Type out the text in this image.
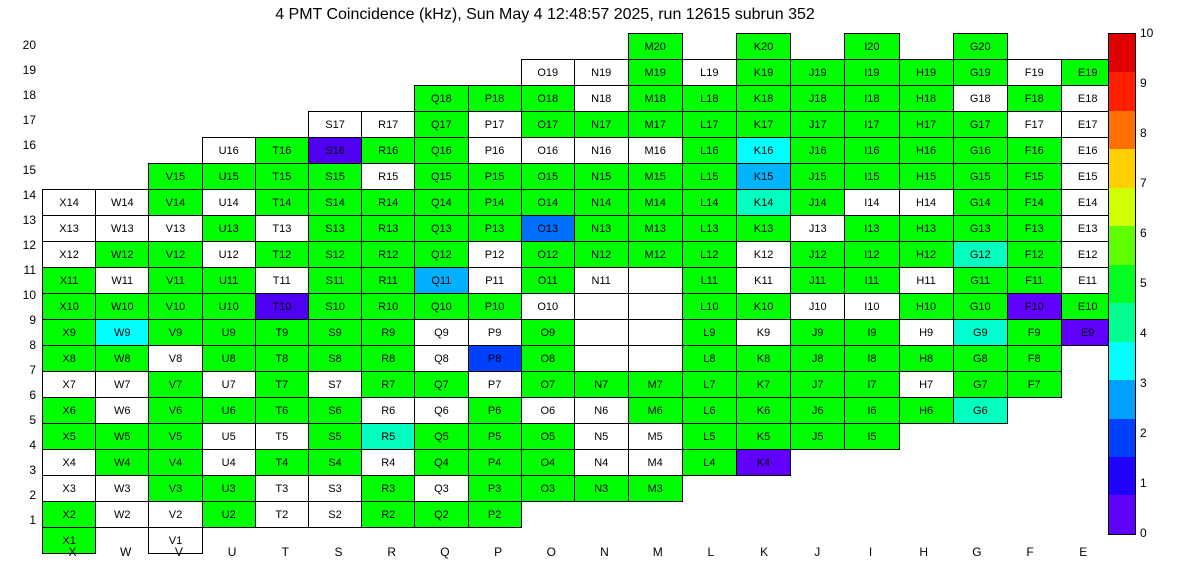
4 PMT Coincidence (kHz), Sun May 4 12:48:57 2025, run 12615 subrun 352
20
19
18
17
16
15
14
13
12
11
10
9
8
7
6
5
4
3
2
1
											M20		K20		I20		G20		
									O19	N19	M19	L19	K19	J19	I19	H19	G19	F19	E19
							Q18	P18	O18	N18	M18	L18	K18	J18	I18	H18	G18	F18	E18
					S17	R17	Q17	P17	O17	N17	M17	L17	K17	J17	I17	H17	G17	F17	E17
			U16	T16	S16	R16	Q16	P16	O16	N16	M16	L16	K16	J16	I16	H16	G16	F16	E16
		V15	U15	T15	S15	R15	Q15	P15	O15	N15	M15	L15	K15	J15	I15	H15	G15	F15	E15
X14	W14	V14	U14	T14	S14	R14	Q14	P14	O14	N14	M14	L14	K14	J14	I14	H14	G14	F14	E14
X13	W13	V13	U13	T13	S13	R13	Q13	P13	O13	N13	M13	L13	K13	J13	I13	H13	G13	F13	E13
X12	W12	V12	U12	T12	S12	R12	Q12	P12	O12	N12	M12	L12	K12	J12	I12	H12	G12	F12	E12
X11	W11	V11	U11	T11	S11	R11	Q11	P11	O11	N11		L11	K11	J11	I11	H11	G11	F11	E11
X10	W10	V10	U10	T10	S10	R10	Q10	P10	O10			L10	K10	J10	I10	H10	G10	F10	E10
X9	W9	V9	U9	T9	S9	R9	Q9	P9	O9			L9	K9	J9	I9	H9	G9	F9	E9
X8	W8	V8	U8	T8	S8	R8	Q8	P8	O8			L8	K8	J8	I8	H8	G8	F8	
X7	W7	V7	U7	T7	S7	R7	Q7	P7	O7	N7	M7	L7	K7	J7	I7	H7	G7	F7	
X6	W6	V6	U6	T6	S6	R6	Q6	P6	O6	N6	M6	L6	K6	J6	I6	H6	G6		
X5	W5	V5	U5	T5	S5	R5	Q5	P5	O5	N5	M5	L5	K5	J5	I5				
X4	W4	V4	U4	T4	S4	R4	Q4	P4	O4	N4	M4	L4	K4						
X3	W3	V3	U3	T3	S3	R3	Q3	P3	O3	N3	M3								
X2	W2	V2	U2	T2	S2	R2	Q2	P2											
X1		V1																	
X	W	V	U	T	S	R	Q	P	O	N	M	L	K	J	I	H	G	F	E
0
1
2
3
4
5
6
7
8
9
10
